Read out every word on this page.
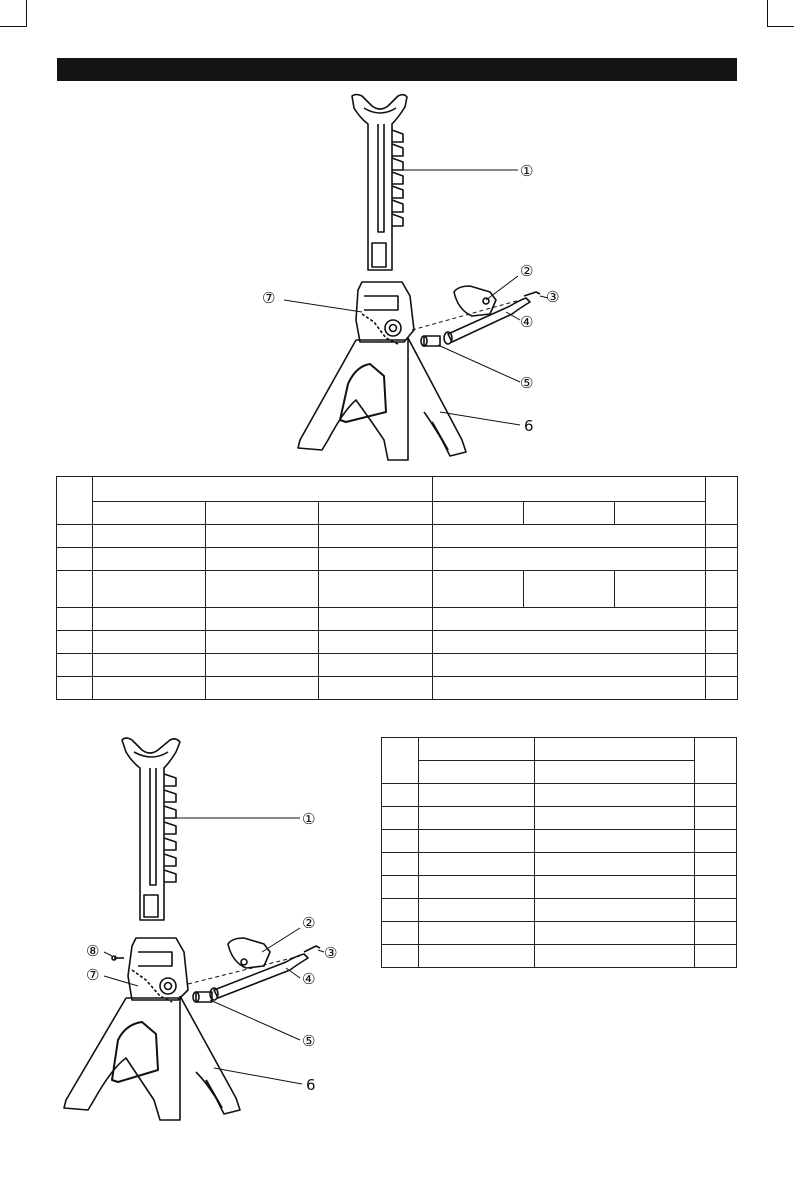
①
②
③
④
⑤
6
⑦

①
②
③
④
⑤
6
⑦
⑧
